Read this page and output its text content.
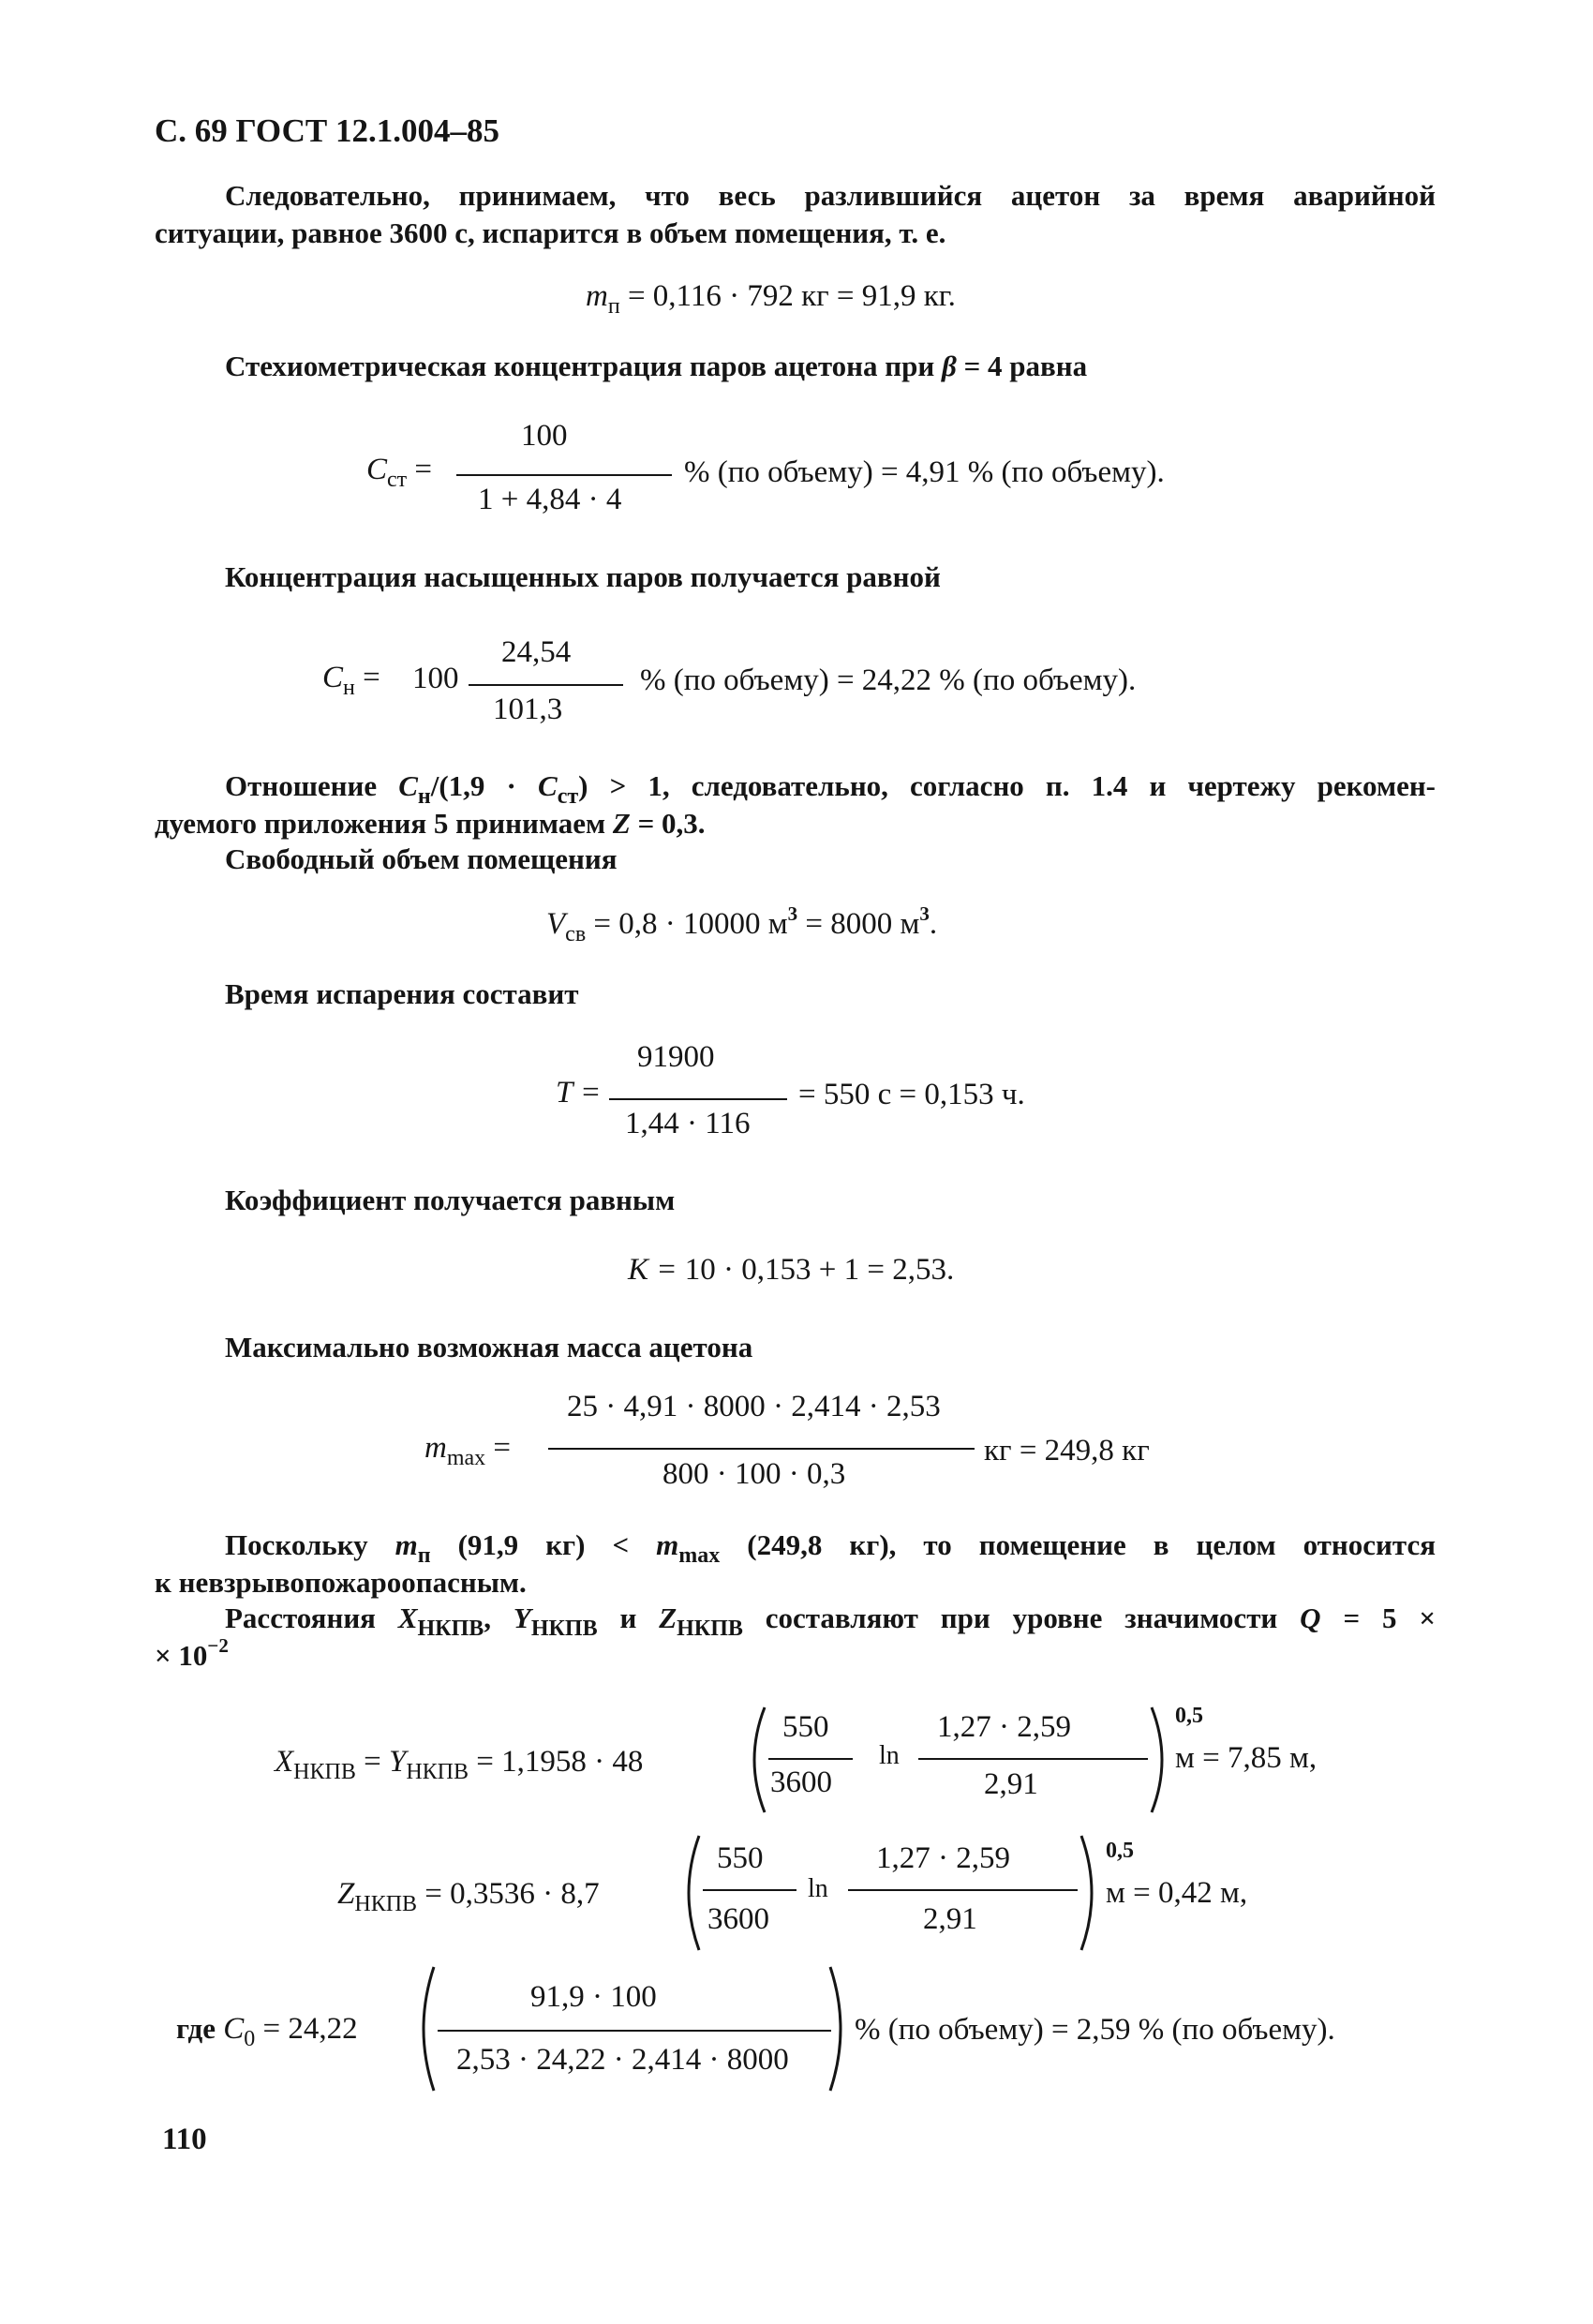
С. 69 ГОСТ 12.1.004–85
Следовательно, принимаем, что весь разлившийся ацетон за время аварийной
ситуации, равное 3600 с, испарится в объем помещения, т. е.
$m_п = 0,116 \cdot 792$ кг = 91,9 кг.
Стехиометрическая концентрация паров ацетона при β = 4 равна
$C_{ст}$ =
100
1 + 4,84 · 4
% (по объему) = 4,91 % (по объему).
Концентрация насыщенных паров получается равной
$C_н = 100$
24,54
101,3
% (по объему) = 24,22 % (по объему).
Отношение $C_н/(1,9 \cdot C_{ст}) > 1$, следовательно, согласно п. 1.4 и чертежу рекомен-
дуемого приложения 5 принимаем Z = 0,3.
Свободный объем помещения
$V_{св} = 0,8 \cdot 10000$ $м^3 = 8000$ $м^3$.
Время испарения составит
T =
91900
1,44 · 116
= 550 с = 0,153 ч.
Коэффициент получается равным
K = 10 · 0,153 + 1 = 2,53.
Максимально возможная масса ацетона
$m_{max}$ =
25 · 4,91 · 8000 · 2,414 · 2,53
800 · 100 · 0,3
кг = 249,8 кг
Поскольку $m_п$ (91,9 $кг) < m_{max}$ (249,8 кг), то помещение в целом относится
к невзрывопожароопасным.
Расстояния $X_{НКПВ}$, $Y_{НКПВ}$ и $Z_{НКПВ}$ составляют при уровне значимости Q = 5 ×
× $10^{-2}$
$X_{НКПВ} = Y_{НКПВ} = 1,1958 \cdot 48$
550
3600
ln
1,27 · 2,59
2,91
0,5
м = 7,85 м,
$Z_{НКПВ} = 0,3536 \cdot 8,7$
550
3600
ln
1,27 · 2,59
2,91
0,5
м = 0,42 м,
где $C_0 = 24,22$
91,9 · 100
2,53 · 24,22 · 2,414 · 8000
% (по объему) = 2,59 % (по объему).
110
